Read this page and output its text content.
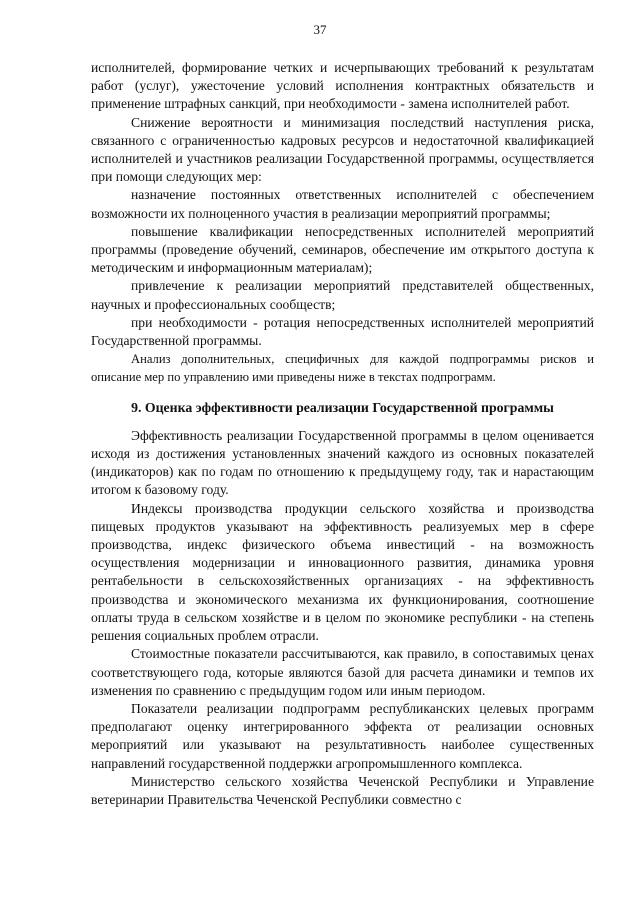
37

исполнителей, формирование четких и исчерпывающих требований к результатам работ (услуг), ужесточение условий исполнения контрактных обязательств и применение штрафных санкций, при необходимости - замена исполнителей работ.

Снижение вероятности и минимизация последствий наступления риска, связанного с ограниченностью кадровых ресурсов и недостаточной квалификацией исполнителей и участников реализации Государственной программы, осуществляется при помощи следующих мер:

назначение постоянных ответственных исполнителей с обеспечением возможности их полноценного участия в реализации мероприятий программы;

повышение квалификации непосредственных исполнителей мероприятий программы (проведение обучений, семинаров, обеспечение им открытого доступа к методическим и информационным материалам);

привлечение к реализации мероприятий представителей общественных, научных и профессиональных сообществ;

при необходимости - ротация непосредственных исполнителей мероприятий Государственной программы.

Анализ дополнительных, специфичных для каждой подпрограммы рисков и описание мер по управлению ими приведены ниже в текстах подпрограмм.

9. Оценка эффективности реализации Государственной программы

Эффективность реализации Государственной программы в целом оценивается исходя из достижения установленных значений каждого из основных показателей (индикаторов) как по годам по отношению к предыдущему году, так и нарастающим итогом к базовому году.

Индексы производства продукции сельского хозяйства и производства пищевых продуктов указывают на эффективность реализуемых мер в сфере производства, индекс физического объема инвестиций - на возможность осуществления модернизации и инновационного развития, динамика уровня рентабельности в сельскохозяйственных организациях - на эффективность производства и экономического механизма их функционирования, соотношение оплаты труда в сельском хозяйстве и в целом по экономике республики - на степень решения социальных проблем отрасли.

Стоимостные показатели рассчитываются, как правило, в сопоставимых ценах соответствующего года, которые являются базой для расчета динамики и темпов их изменения по сравнению с предыдущим годом или иным периодом.

Показатели реализации подпрограмм республиканских целевых программ предполагают оценку интегрированного эффекта от реализации основных мероприятий или указывают на результативность наиболее существенных направлений государственной поддержки агропромышленного комплекса.

Министерство сельского хозяйства Чеченской Республики и Управление ветеринарии Правительства Чеченской Республики совместно с
